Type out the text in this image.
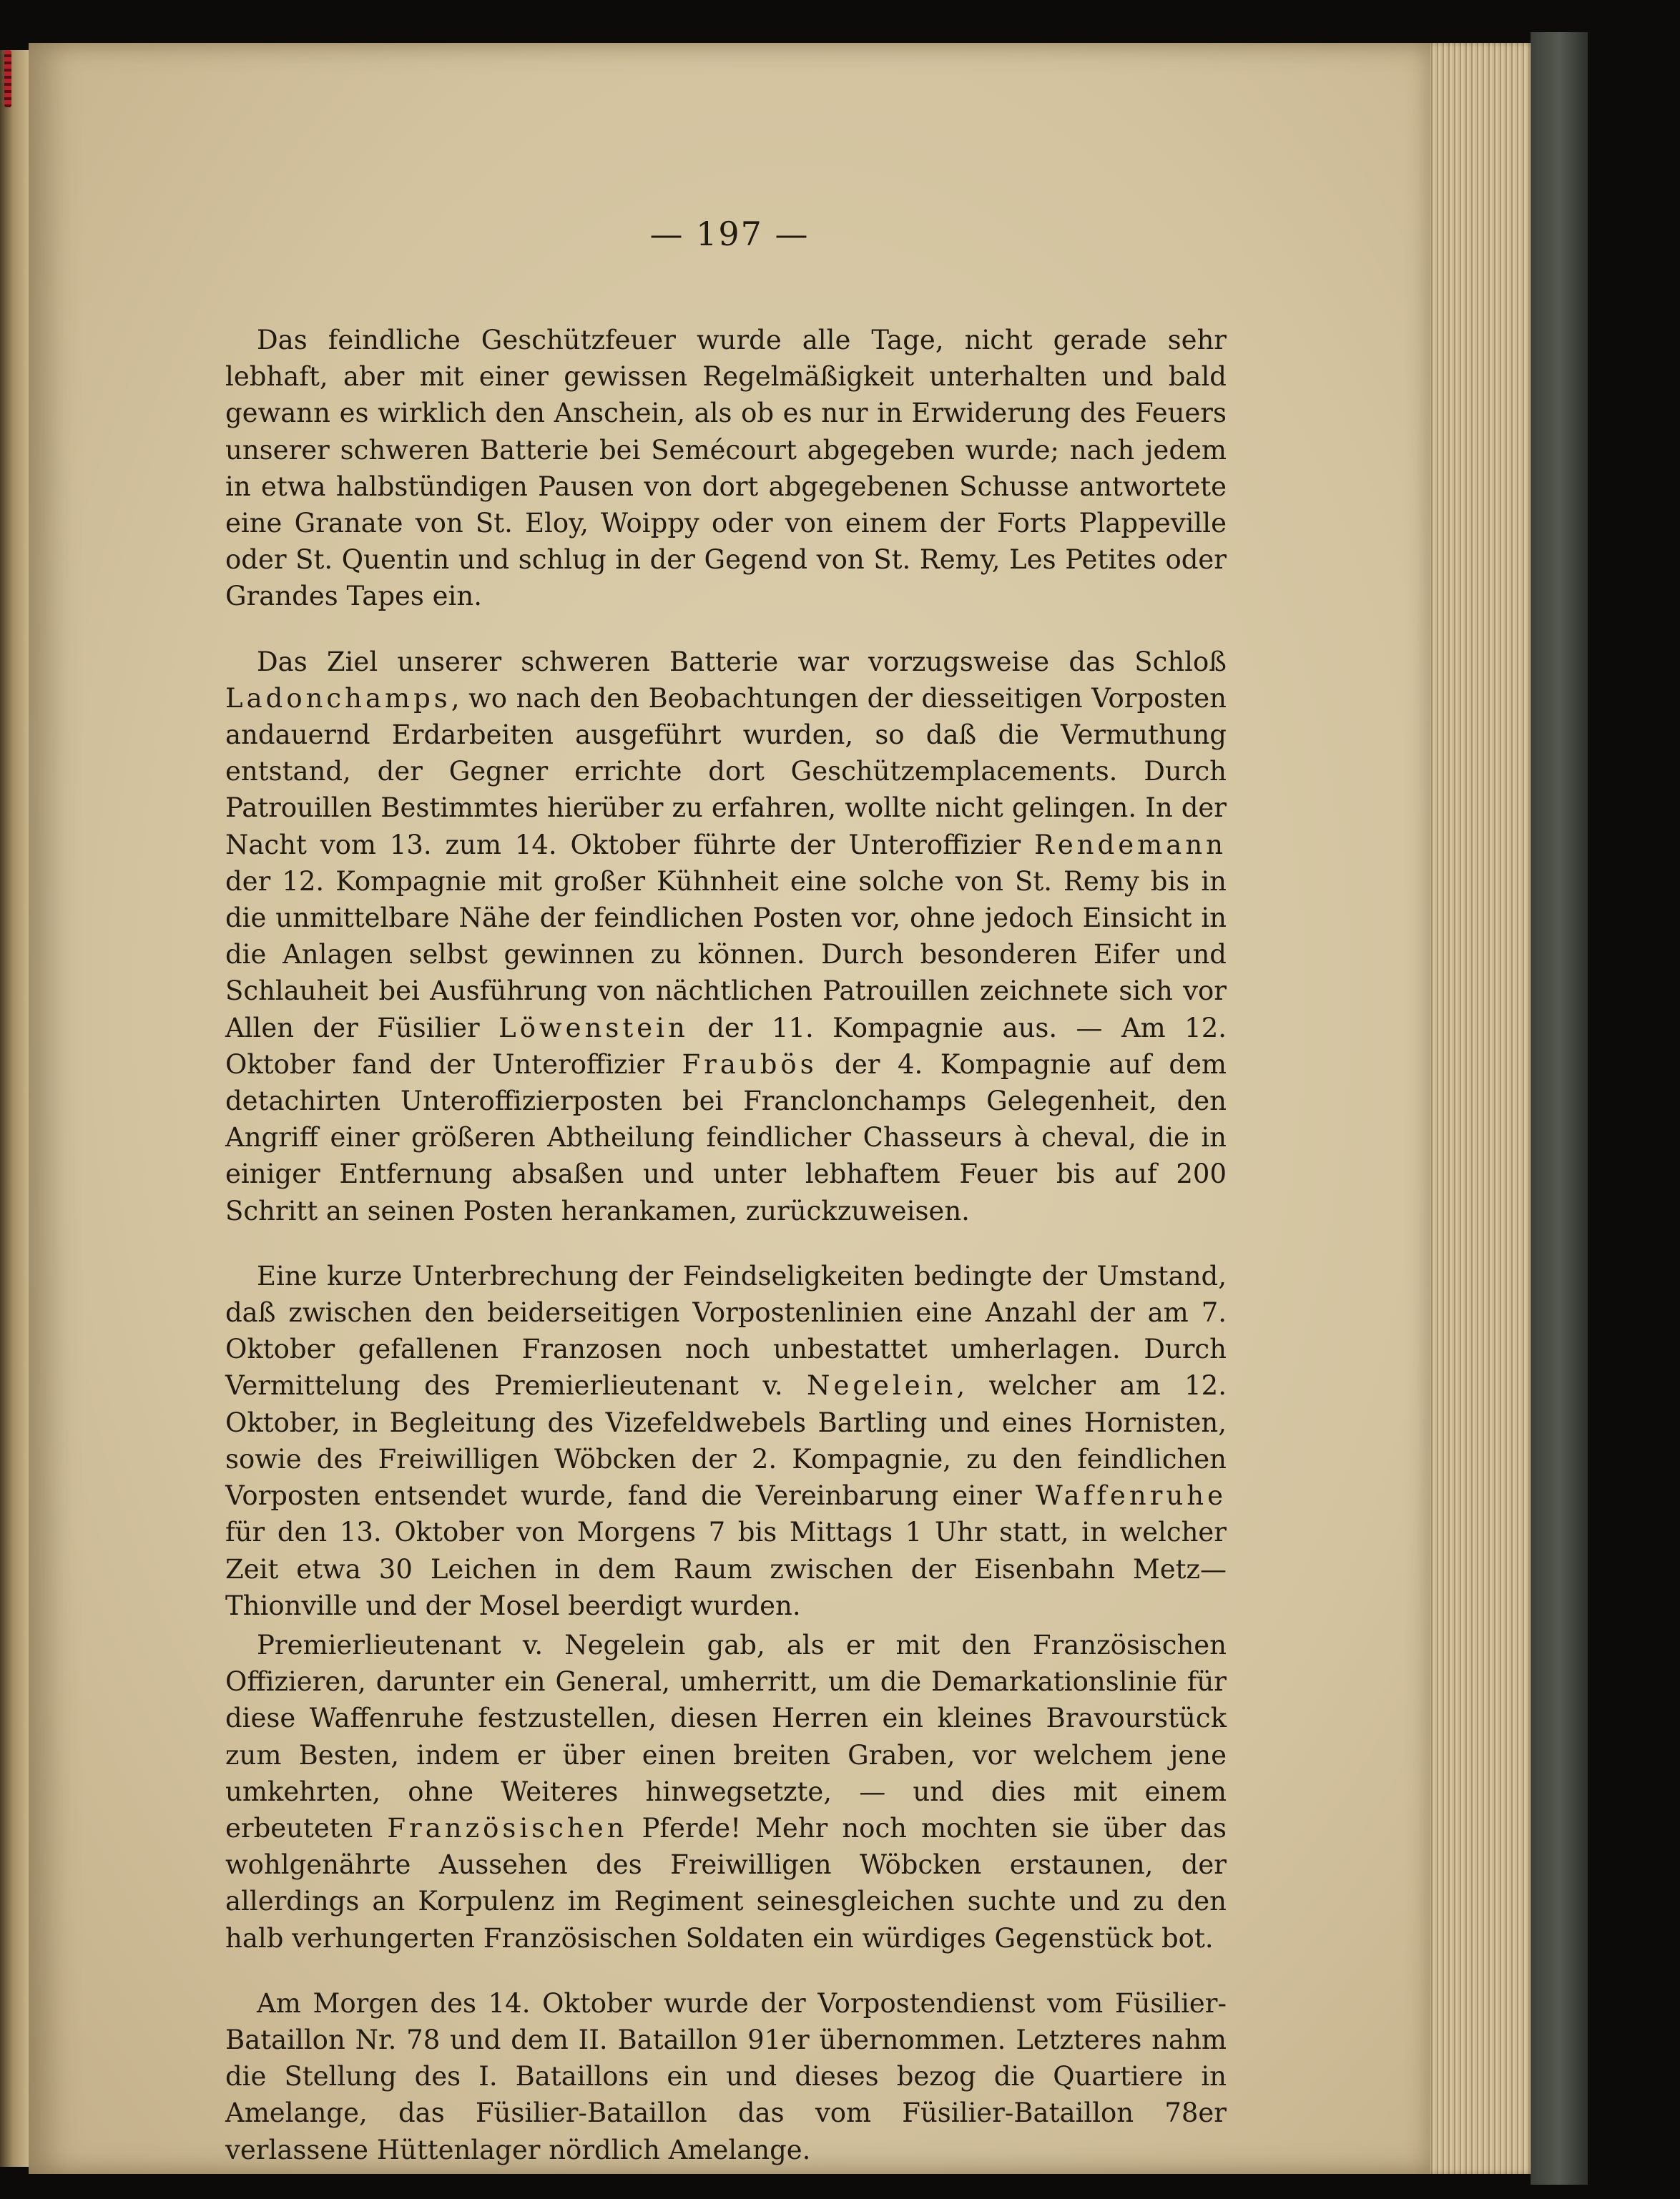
— 197 —

Das feindliche Geschützfeuer wurde alle Tage, nicht gerade sehr lebhaft, aber mit einer gewissen Regelmäßigkeit unterhalten und bald gewann es wirklich den Anschein, als ob es nur in Erwiderung des Feuers unserer schweren Batterie bei Semécourt abgegeben wurde; nach jedem in etwa halbstündigen Pausen von dort abgegebenen Schusse antwortete eine Granate von St. Eloy, Woippy oder von einem der Forts Plappeville oder St. Quentin und schlug in der Gegend von St. Remy, Les Petites oder Grandes Tapes ein.

Das Ziel unserer schweren Batterie war vorzugsweise das Schloß Ladonchamps, wo nach den Beobachtungen der diesseitigen Vorposten andauernd Erdarbeiten ausgeführt wurden, so daß die Vermuthung entstand, der Gegner errichte dort Geschützemplacements. Durch Patrouillen Bestimmtes hierüber zu erfahren, wollte nicht gelingen. In der Nacht vom 13. zum 14. Oktober führte der Unteroffizier Rendemann der 12. Kompagnie mit großer Kühnheit eine solche von St. Remy bis in die unmittelbare Nähe der feindlichen Posten vor, ohne jedoch Einsicht in die Anlagen selbst gewinnen zu können. Durch besonderen Eifer und Schlauheit bei Ausführung von nächtlichen Patrouillen zeichnete sich vor Allen der Füsilier Löwenstein der 11. Kompagnie aus. — Am 12. Oktober fand der Unteroffizier Fraubös der 4. Kompagnie auf dem detachirten Unteroffizierposten bei Franclonchamps Gelegenheit, den Angriff einer größeren Abtheilung feindlicher Chasseurs à cheval, die in einiger Entfernung absaßen und unter lebhaftem Feuer bis auf 200 Schritt an seinen Posten herankamen, zurückzuweisen.

Eine kurze Unterbrechung der Feindseligkeiten bedingte der Umstand, daß zwischen den beiderseitigen Vorpostenlinien eine Anzahl der am 7. Oktober gefallenen Franzosen noch unbestattet umherlagen. Durch Vermittelung des Premierlieutenant v. Negelein, welcher am 12. Oktober, in Begleitung des Vizefeldwebels Bartling und eines Hornisten, sowie des Freiwilligen Wöbcken der 2. Kompagnie, zu den feindlichen Vorposten entsendet wurde, fand die Vereinbarung einer Waffenruhe für den 13. Oktober von Morgens 7 bis Mittags 1 Uhr statt, in welcher Zeit etwa 30 Leichen in dem Raum zwischen der Eisenbahn Metz—Thionville und der Mosel beerdigt wurden.

Premierlieutenant v. Negelein gab, als er mit den Französischen Offizieren, darunter ein General, umherritt, um die Demarkationslinie für diese Waffenruhe festzustellen, diesen Herren ein kleines Bravourstück zum Besten, indem er über einen breiten Graben, vor welchem jene umkehrten, ohne Weiteres hinwegsetzte, — und dies mit einem erbeuteten Französischen Pferde! Mehr noch mochten sie über das wohlgenährte Aussehen des Freiwilligen Wöbcken erstaunen, der allerdings an Korpulenz im Regiment seinesgleichen suchte und zu den halb verhungerten Französischen Soldaten ein würdiges Gegenstück bot.

Am Morgen des 14. Oktober wurde der Vorpostendienst vom Füsilier-Bataillon Nr. 78 und dem II. Bataillon 91er übernommen. Letzteres nahm die Stellung des I. Bataillons ein und dieses bezog die Quartiere in Amelange, das Füsilier-Bataillon das vom Füsilier-Bataillon 78er verlassene Hüttenlager nördlich Amelange.
